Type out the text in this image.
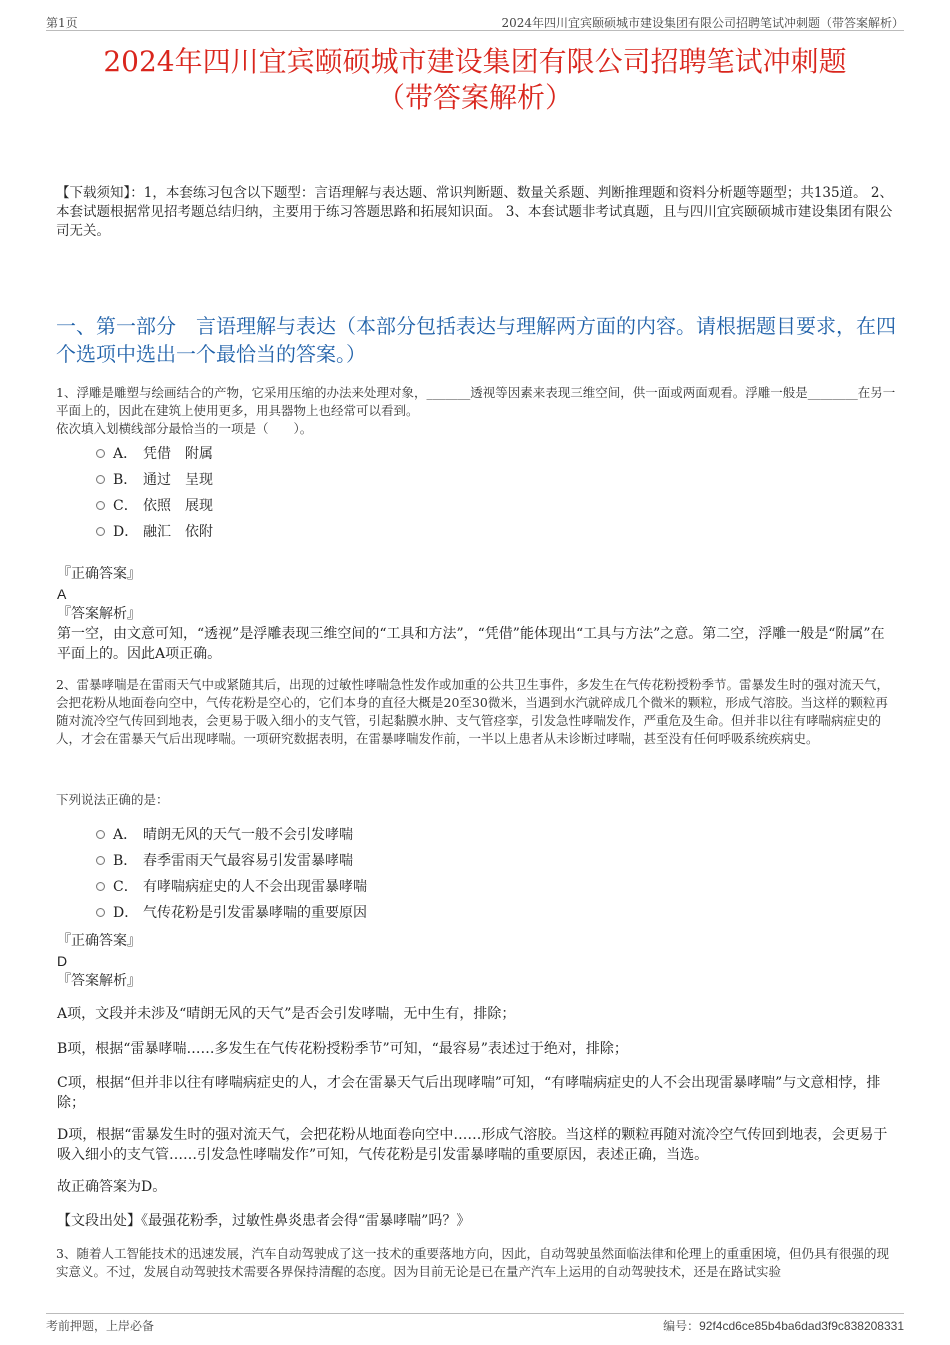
第1页	2024年四川宜宾颐硕城市建设集团有限公司招聘笔试冲刺题（带答案解析）
2024年四川宜宾颐硕城市建设集团有限公司招聘笔试冲刺题
（带答案解析）
【下载须知】：1，本套练习包含以下题型：言语理解与表达题、常识判断题、数量关系题、判断推理题和资料分析题等题型；共135道。 2、本套试题根据常见招考题总结归纳，主要用于练习答题思路和拓展知识面。 3、本套试题非考试真题，且与四川宜宾颐硕城市建设集团有限公司无关。
一、第一部分　言语理解与表达（本部分包括表达与理解两方面的内容。请根据题目要求，在四个选项中选出一个最恰当的答案。）
1、浮雕是雕塑与绘画结合的产物，它采用压缩的办法来处理对象，_______透视等因素来表现三维空间，供一面或两面观看。浮雕一般是________在另一平面上的，因此在建筑上使用更多，用具器物上也经常可以看到。
依次填入划横线部分最恰当的一项是（　　）。
A． 凭借　附属
B． 通过　呈现
C． 依照　展现
D． 融汇　依附
『正确答案』
A
『答案解析』
第一空，由文意可知，“透视”是浮雕表现三维空间的“工具和方法”，“凭借”能体现出“工具与方法”之意。第二空，浮雕一般是“附属”在平面上的。因此A项正确。
2、雷暴哮喘是在雷雨天气中或紧随其后，出现的过敏性哮喘急性发作或加重的公共卫生事件，多发生在气传花粉授粉季节。雷暴发生时的强对流天气，会把花粉从地面卷向空中，气传花粉是空心的，它们本身的直径大概是20至30微米，当遇到水汽就碎成几个微米的颗粒，形成气溶胶。当这样的颗粒再随对流冷空气传回到地表，会更易于吸入细小的支气管，引起黏膜水肿、支气管痉挛，引发急性哮喘发作，严重危及生命。但并非以往有哮喘病症史的人，才会在雷暴天气后出现哮喘。一项研究数据表明，在雷暴哮喘发作前，一半以上患者从未诊断过哮喘，甚至没有任何呼吸系统疾病史。
下列说法正确的是：
A． 晴朗无风的天气一般不会引发哮喘
B． 春季雷雨天气最容易引发雷暴哮喘
C． 有哮喘病症史的人不会出现雷暴哮喘
D． 气传花粉是引发雷暴哮喘的重要原因
『正确答案』
D
『答案解析』
A项，文段并未涉及“晴朗无风的天气”是否会引发哮喘，无中生有，排除；
B项，根据“雷暴哮喘……多发生在气传花粉授粉季节”可知，“最容易”表述过于绝对，排除；
C项，根据“但并非以往有哮喘病症史的人，才会在雷暴天气后出现哮喘”可知，“有哮喘病症史的人不会出现雷暴哮喘”与文意相悖，排除；
D项，根据“雷暴发生时的强对流天气，会把花粉从地面卷向空中……形成气溶胶。当这样的颗粒再随对流冷空气传回到地表，会更易于吸入细小的支气管……引发急性哮喘发作”可知，气传花粉是引发雷暴哮喘的重要原因，表述正确，当选。
故正确答案为D。
【文段出处】《最强花粉季，过敏性鼻炎患者会得“雷暴哮喘”吗？》
3、随着人工智能技术的迅速发展，汽车自动驾驶成了这一技术的重要落地方向，因此，自动驾驶虽然面临法律和伦理上的重重困境，但仍具有很强的现实意义。不过，发展自动驾驶技术需要各界保持清醒的态度。因为目前无论是已在量产汽车上运用的自动驾驶技术，还是在路试实验
考前押题，上岸必备	编号：92f4cd6ce85b4ba6dad3f9c838208331
